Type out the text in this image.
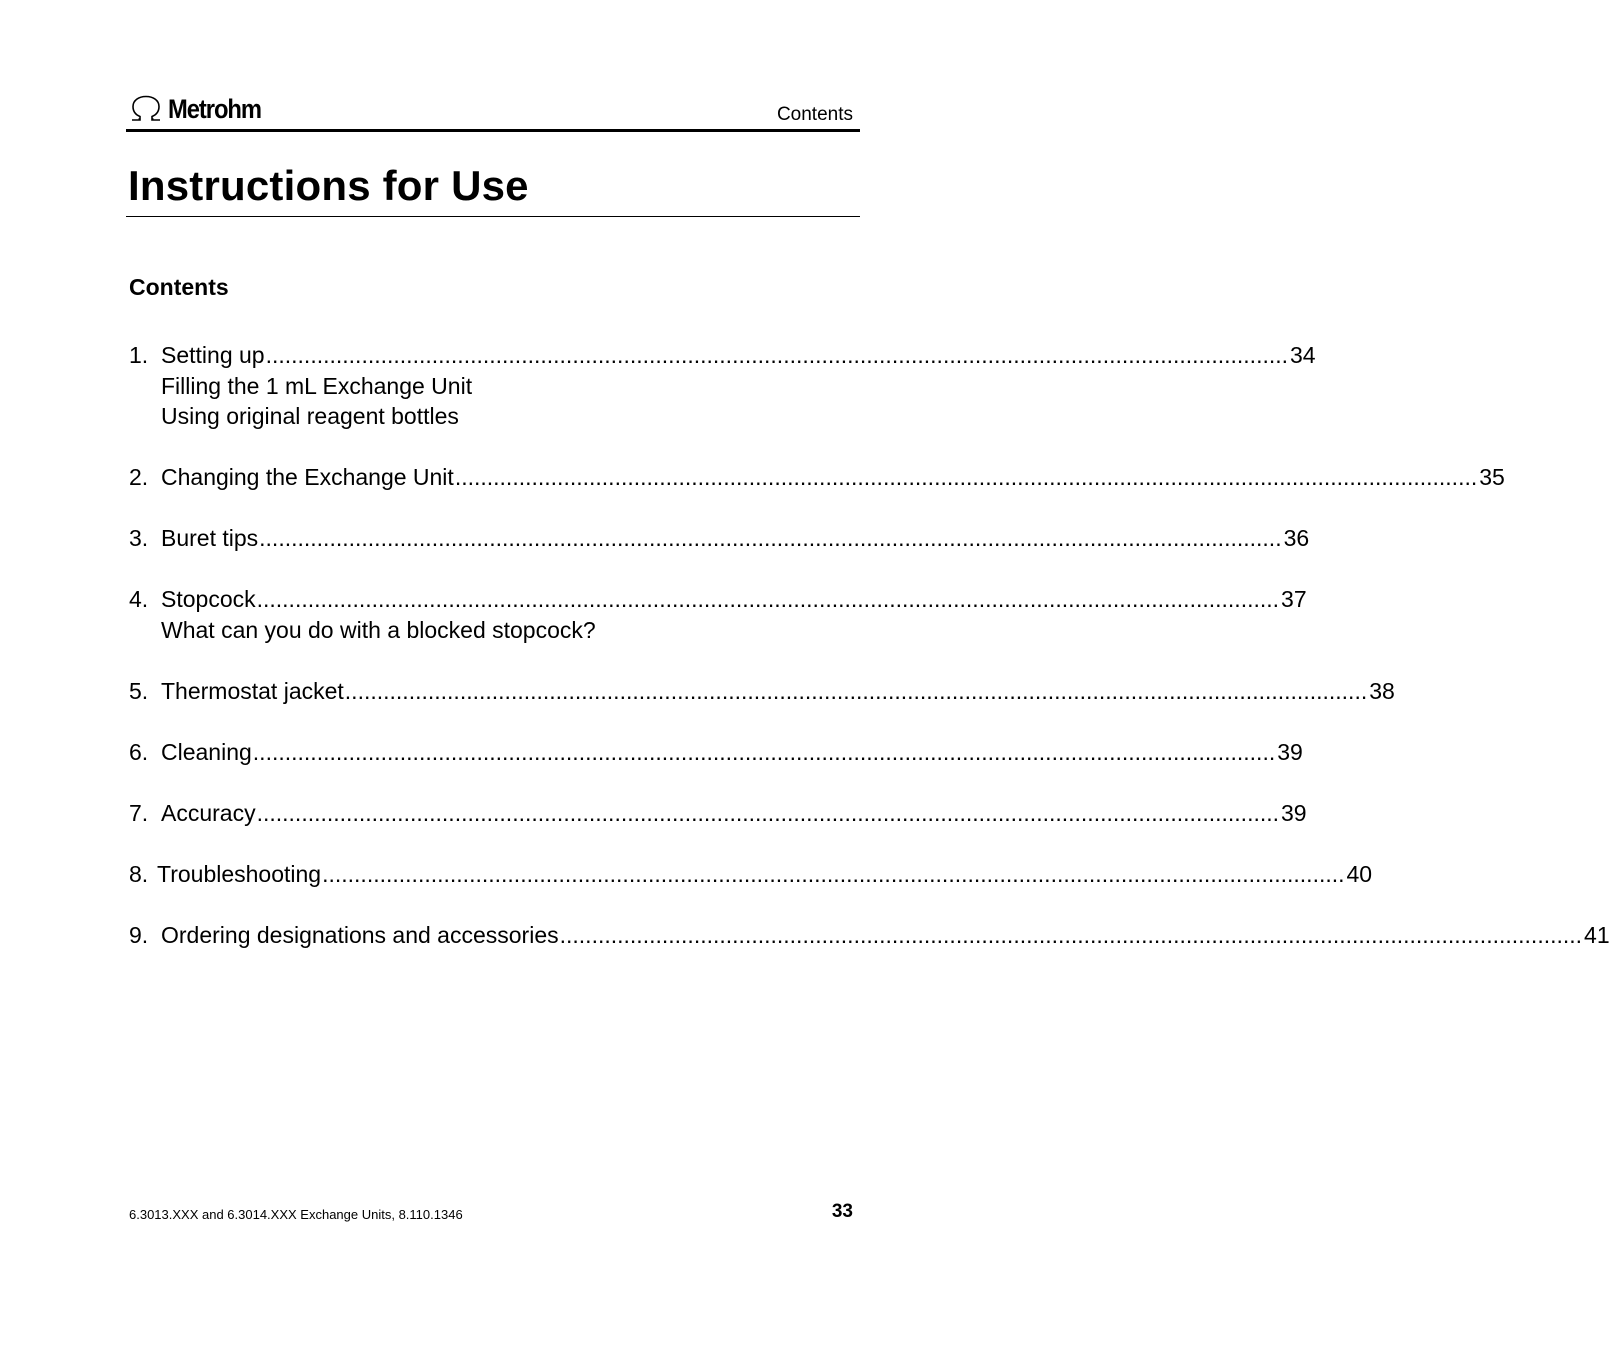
Metrohm	Contents
Instructions for Use
Contents
1. Setting up ................................................................................................................................................................ 34
Filling the 1 mL Exchange Unit
Using original reagent bottles
2. Changing the Exchange Unit ................................................................................................................................................................ 35
3. Buret tips ................................................................................................................................................................ 36
4. Stopcock ................................................................................................................................................................ 37
What can you do with a blocked stopcock?
5. Thermostat jacket ................................................................................................................................................................ 38
6. Cleaning ................................................................................................................................................................ 39
7. Accuracy ................................................................................................................................................................ 39
8. Troubleshooting ................................................................................................................................................................ 40
9. Ordering designations and accessories ................................................................................................................................................................ 41
6.3013.XXX and 6.3014.XXX Exchange Units, 8.110.1346	33
